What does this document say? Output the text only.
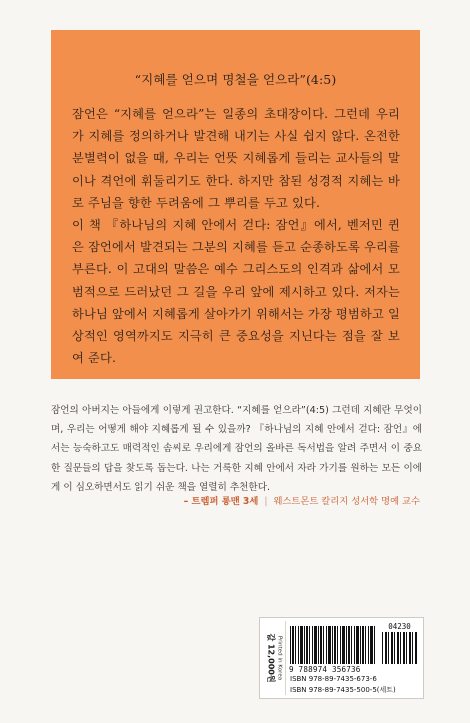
“지혜를 얻으며 명철을 얻으라”(4:5)

잠언은 “지혜를 얻으라”는 일종의 초대장이다. 그런데 우리가 지혜를 정의하거나 발견해 내기는 사실 쉽지 않다. 온전한 분별력이 없을 때, 우리는 언뜻 지혜롭게 들리는 교사들의 말이나 격언에 휘둘리기도 한다. 하지만 참된 성경적 지혜는 바로 주님을 향한 두려움에 그 뿌리를 두고 있다.

이 책 『하나님의 지혜 안에서 걷다: 잠언』에서, 벤저민 퀸은 잠언에서 발견되는 그분의 지혜를 듣고 순종하도록 우리를 부른다. 이 고대의 말씀은 예수 그리스도의 인격과 삶에서 모범적으로 드러났던 그 길을 우리 앞에 제시하고 있다. 저자는 하나님 앞에서 지혜롭게 살아가기 위해서는 가장 평범하고 일상적인 영역까지도 지극히 큰 중요성을 지닌다는 점을 잘 보여 준다.

잠언의 아버지는 아들에게 이렇게 권고한다. “지혜를 얻으라”(4:5) 그런데 지혜란 무엇이며, 우리는 어떻게 해야 지혜롭게 될 수 있을까? 『하나님의 지혜 안에서 걷다: 잠언』에서는 능숙하고도 매력적인 솜씨로 우리에게 잠언의 올바른 독서법을 알려 주면서 이 중요한 질문들의 답을 찾도록 돕는다. 나는 거룩한 지혜 안에서 자라 가기를 원하는 모든 이에게 이 심오하면서도 읽기 쉬운 책을 열렬히 추천한다.
– 트렘퍼 롱맨 3세 | 웨스트몬트 칼리지 성서학 명예 교수
Printed in Korea
값 12,000원
04230
9 788974 356736
ISBN 978-89-7435-673-6
ISBN 978-89-7435-500-5(세트)
